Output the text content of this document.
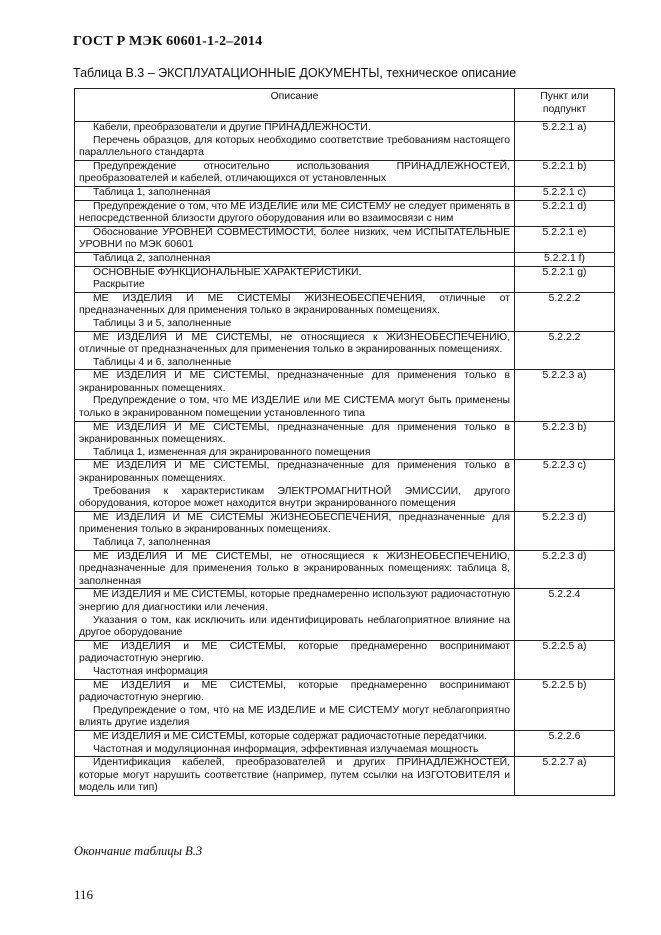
ГОСТ Р МЭК 60601-1-2–2014
Таблица В.3 – ЭКСПЛУАТАЦИОННЫЕ ДОКУМЕНТЫ, техническое описание
Описание	Пункт или подпункт

Кабели, преобразователи и другие ПРИНАДЛЕЖНОСТИ.
Перечень образцов, для которых необходимо соответствие требованиям настоящего параллельного стандарта	5.2.2.1 а)

Предупреждение относительно использования ПРИНАДЛЕЖНОСТЕЙ, преобразователей и кабелей, отличающихся от установленных	5.2.2.1 b)

Таблица 1, заполненная	5.2.2.1 с)

Предупреждение о том, что МЕ ИЗДЕЛИЕ или МЕ СИСТЕМУ не следует применять в непосредственной близости другого оборудования или во взаимосвязи с ним	5.2.2.1 d)

Обоснование УРОВНЕЙ СОВМЕСТИМОСТИ, более низких, чем ИСПЫТАТЕЛЬНЫЕ УРОВНИ по МЭК 60601	5.2.2.1 е)

Таблица 2, заполненная	5.2.2.1 f)

ОСНОВНЫЕ ФУНКЦИОНАЛЬНЫЕ ХАРАКТЕРИСТИКИ.
Раскрытие	5.2.2.1 g)

МЕ ИЗДЕЛИЯ И МЕ СИСТЕМЫ ЖИЗНЕОБЕСПЕЧЕНИЯ, отличные от предназначенных для применения только в экранированных помещениях.
Таблицы 3 и 5, заполненные	5.2.2.2

МЕ ИЗДЕЛИЯ И МЕ СИСТЕМЫ, не относящиеся к ЖИЗНЕОБЕСПЕЧЕНИЮ, отличные от предназначенных для применения только в экранированных помещениях.
Таблицы 4 и 6, заполненные	5.2.2.2

МЕ ИЗДЕЛИЯ И МЕ СИСТЕМЫ, предназначенные для применения только в экранированных помещениях.
Предупреждение о том, что МЕ ИЗДЕЛИЕ или МЕ СИСТЕМА могут быть применены только в экранированном помещении установленного типа	5.2.2.3 а)

МЕ ИЗДЕЛИЯ И МЕ СИСТЕМЫ, предназначенные для применения только в экранированных помещениях.
Таблица 1, измененная для экранированного помещения	5.2.2.3 b)

МЕ ИЗДЕЛИЯ И МЕ СИСТЕМЫ, предназначенные для применения только в экранированных помещениях.
Требования к характеристикам ЭЛЕКТРОМАГНИТНОЙ ЭМИССИИ, другого оборудования, которое может находится внутри экранированного помещения	5.2.2.3 с)

МЕ ИЗДЕЛИЯ И МЕ СИСТЕМЫ ЖИЗНЕОБЕСПЕЧЕНИЯ, предназначенные для применения только в экранированных помещениях.
Таблица 7, заполненная	5.2.2.3 d)

МЕ ИЗДЕЛИЯ И МЕ СИСТЕМЫ, не относящиеся к ЖИЗНЕОБЕСПЕЧЕНИЮ, предназначенные для применения только в экранированных помещениях: таблица 8, заполненная	5.2.2.3 d)

МЕ ИЗДЕЛИЯ и МЕ СИСТЕМЫ, которые преднамеренно используют радиочастотную энергию для диагностики или лечения.
Указания о том, как исключить или идентифицировать неблагоприятное влияние на другое оборудование	5.2.2.4

МЕ ИЗДЕЛИЯ и МЕ СИСТЕМЫ, которые преднамеренно воспринимают радиочастотную энергию.
Частотная информация	5.2.2.5 а)

МЕ ИЗДЕЛИЯ и МЕ СИСТЕМЫ, которые преднамеренно воспринимают радиочастотную энергию.
Предупреждение о том, что на МЕ ИЗДЕЛИЕ и МЕ СИСТЕМУ могут неблагоприятно влиять другие изделия	5.2.2.5 b)

МЕ ИЗДЕЛИЯ и МЕ СИСТЕМЫ, которые содержат радиочастотные передатчики.
Частотная и модуляционная информация, эффективная излучаемая мощность	5.2.2.6

Идентификация кабелей, преобразователей и других ПРИНАДЛЕЖНОСТЕЙ, которые могут нарушить соответствие (например, путем ссылки на ИЗГОТОВИТЕЛЯ и модель или тип)	5.2.2.7 а)
Окончание таблицы В.3
116
